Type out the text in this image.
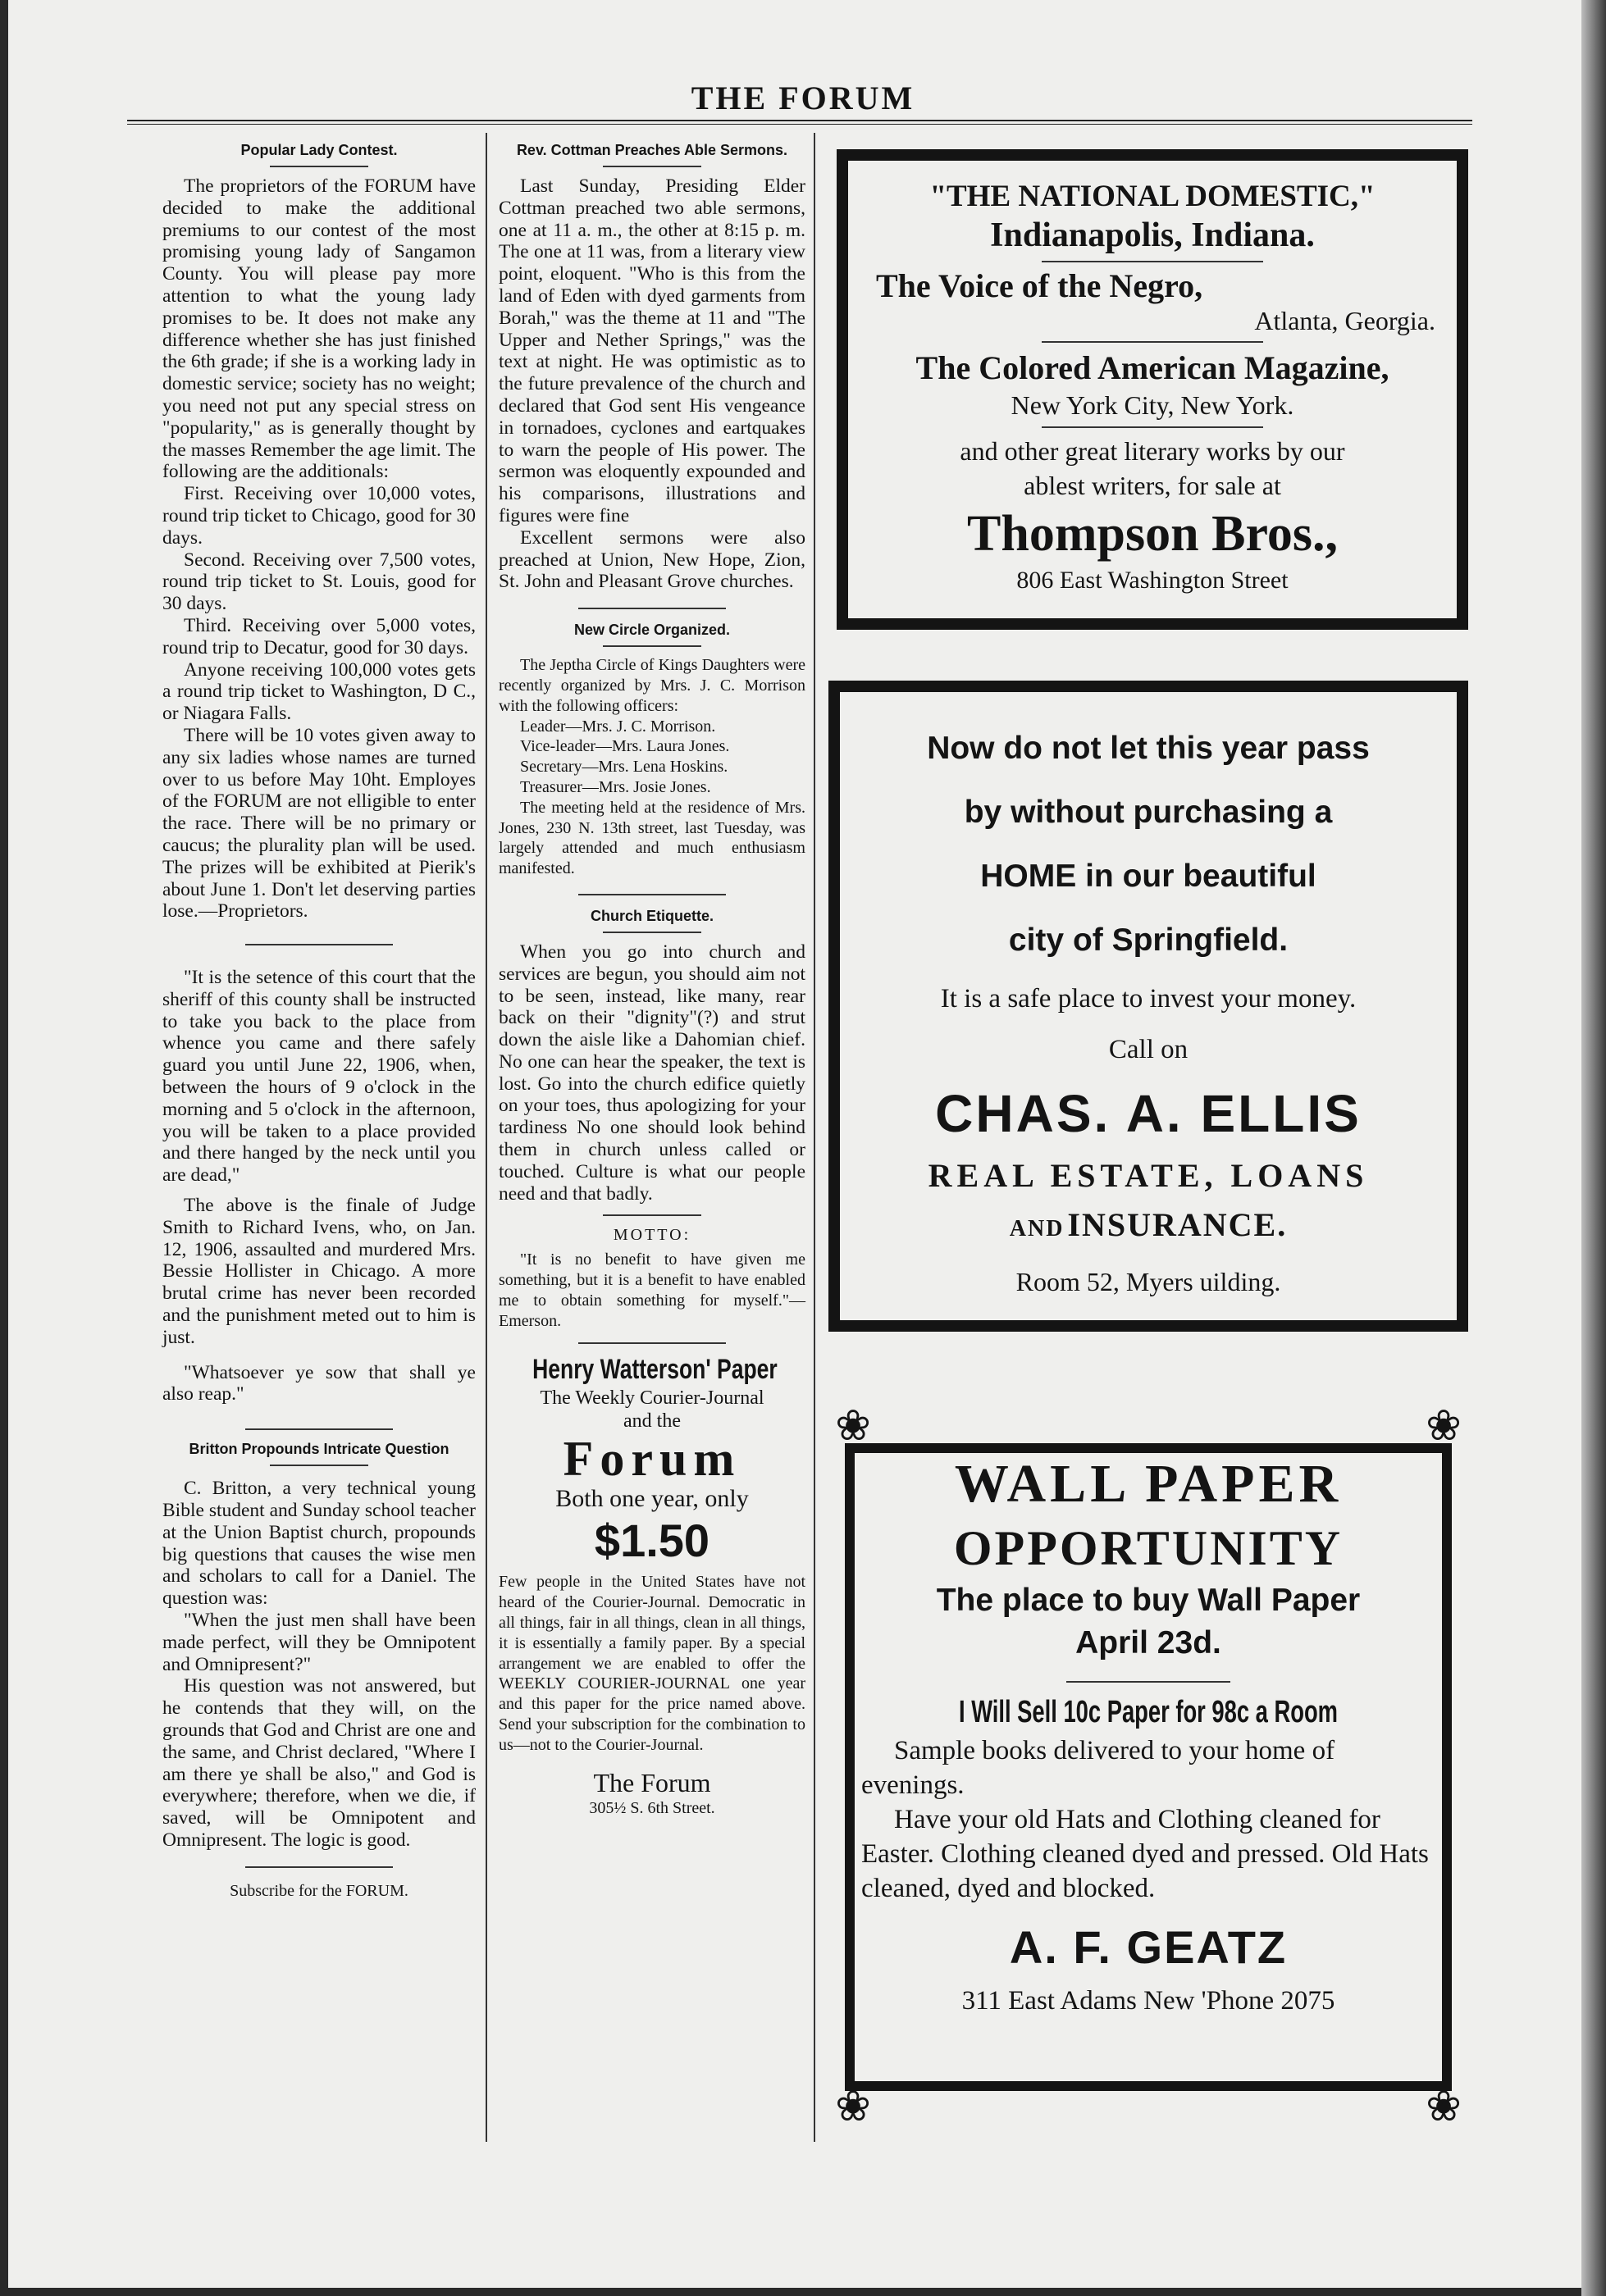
THE FORUM
Popular Lady Contest.

The proprietors of the FORUM have decided to make the additional premiums to our contest of the most promising young lady of Sangamon County. You will please pay more attention to what the young lady promises to be. It does not make any difference whether she has just finished the 6th grade; if she is a working lady in domestic service; society has no weight; you need not put any special stress on "popularity," as is generally thought by the masses Remember the age limit. The following are the additionals:

First. Receiving over 10,000 votes, round trip ticket to Chicago, good for 30 days.

Second. Receiving over 7,500 votes, round trip ticket to St. Louis, good for 30 days.

Third. Receiving over 5,000 votes, round trip to Decatur, good for 30 days.

Anyone receiving 100,000 votes gets a round trip ticket to Washington, D C., or Niagara Falls.

There will be 10 votes given away to any six ladies whose names are turned over to us before May 10ht. Employes of the FORUM are not elligible to enter the race. There will be no primary or caucus; the plurality plan will be used. The prizes will be exhibited at Pierik's about June 1. Don't let deserving parties lose.—Proprietors.

"It is the setence of this court that the sheriff of this county shall be instructed to take you back to the place from whence you came and there safely guard you until June 22, 1906, when, between the hours of 9 o'clock in the morning and 5 o'clock in the afternoon, you will be taken to a place provided and there hanged by the neck until you are dead,"

The above is the finale of Judge Smith to Richard Ivens, who, on Jan. 12, 1906, assaulted and murdered Mrs. Bessie Hollister in Chicago. A more brutal crime has never been recorded and the punishment meted out to him is just.

"Whatsoever ye sow that shall ye also reap."

Britton Propounds Intricate Question

C. Britton, a very technical young Bible student and Sunday school teacher at the Union Baptist church, propounds big questions that causes the wise men and scholars to call for a Daniel. The question was:

"When the just men shall have been made perfect, will they be Omnipotent and Omnipresent?"

His question was not answered, but he contends that they will, on the grounds that God and Christ are one and the same, and Christ declared, "Where I am there ye shall be also," and God is everywhere; therefore, when we die, if saved, will be Omnipotent and Omnipresent. The logic is good.

Subscribe for the FORUM.
Rev. Cottman Preaches Able Sermons.

Last Sunday, Presiding Elder Cottman preached two able sermons, one at 11 a. m., the other at 8:15 p. m. The one at 11 was, from a literary view point, eloquent. "Who is this from the land of Eden with dyed garments from Borah," was the theme at 11 and "The Upper and Nether Springs," was the text at night. He was optimistic as to the future prevalence of the church and declared that God sent His vengeance in tornadoes, cyclones and eartquakes to warn the people of His power. The sermon was eloquently expounded and his comparisons, illustrations and figures were fine

Excellent sermons were also preached at Union, New Hope, Zion, St. John and Pleasant Grove churches.

New Circle Organized.

The Jeptha Circle of Kings Daughters were recently organized by Mrs. J. C. Morrison with the following officers:

Leader—Mrs. J. C. Morrison.

Vice-leader—Mrs. Laura Jones.

Secretary—Mrs. Lena Hoskins.

Treasurer—Mrs. Josie Jones.

The meeting held at the residence of Mrs. Jones, 230 N. 13th street, last Tuesday, was largely attended and much enthusiasm manifested.

Church Etiquette.

When you go into church and services are begun, you should aim not to be seen, instead, like many, rear back on their "dignity"(?) and strut down the aisle like a Dahomian chief. No one can hear the speaker, the text is lost. Go into the church edifice quietly on your toes, thus apologizing for your tardiness No one should look behind them in church unless called or touched. Culture is what our people need and that badly.

MOTTO:

"It is no benefit to have given me something, but it is a benefit to have enabled me to obtain something for myself."—Emerson.

Henry Watterson' Paper
The Weekly Courier-Journal
and the
Forum
Both one year, only
$1.50
Few people in the United States have not heard of the Courier-Journal. Democratic in all things, fair in all things, clean in all things, it is essentially a family paper. By a special arrangement we are enabled to offer the WEEKLY COURIER-JOURNAL one year and this paper for the price named above. Send your subscription for the combination to us—not to the Courier-Journal.
The Forum
305½ S. 6th Street.
"THE NATIONAL DOMESTIC,"
Indianapolis, Indiana.
The Voice of the Negro,
Atlanta, Georgia.
The Colored American Magazine,
New York City, New York.
and other great literary works by our
ablest writers, for sale at
Thompson Bros.,
806 East Washington Street
Now do not let this year pass
by without purchasing a
HOME in our beautiful
city of Springfield.
It is a safe place to invest your money.
Call on
CHAS. A. ELLIS
REAL ESTATE, LOANS
AND INSURANCE.
Room 52, Myers uilding.
❀	❀
❀	❀
WALL PAPER
OPPORTUNITY
The place to buy Wall Paper
April 23d.
I Will Sell 10c Paper for 98c a Room
Sample books delivered to your home of evenings.
Have your old Hats and Clothing cleaned for Easter. Clothing cleaned dyed and pressed. Old Hats cleaned, dyed and blocked.
A. F. GEATZ
311 East Adams New 'Phone 2075
